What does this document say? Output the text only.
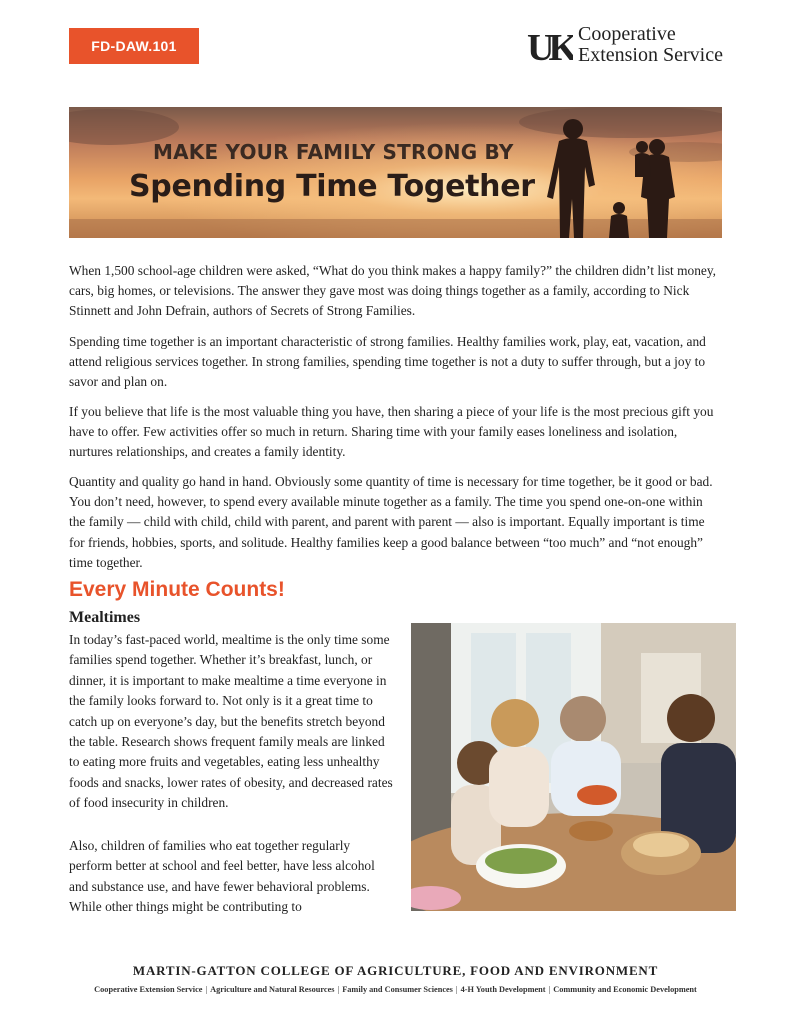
FD-DAW.101	UK Cooperative
Extension Service
MAKE YOUR FAMILY STRONG BY
Spending Time Together

When 1,500 school-age children were asked, “What do you think makes a happy family?” the children didn’t list money, cars, big homes, or televisions. The answer they gave most was doing things together as a family, according to Nick Stinnett and John Defrain, authors of Secrets of Strong Families.

Spending time together is an important characteristic of strong families. Healthy families work, play, eat, vacation, and attend religious services together. In strong families, spending time together is not a duty to suffer through, but a joy to savor and plan on.

If you believe that life is the most valuable thing you have, then sharing a piece of your life is the most precious gift you have to offer. Few activities offer so much in return. Sharing time with your family eases loneliness and isolation, nurtures relationships, and creates a family identity.

Quantity and quality go hand in hand. Obviously some quantity of time is necessary for time together, be it good or bad. You don’t need, however, to spend every available minute together as a family. The time you spend one-on-one within the family — child with child, child with parent, and parent with parent — also is important. Equally important is time for friends, hobbies, sports, and solitude. Healthy families keep a good balance between “too much” and “not enough” time together.

Every Minute Counts!
Mealtimes

In today’s fast-paced world, mealtime is the only time some families spend together. Whether it’s breakfast, lunch, or dinner, it is important to make mealtime a time everyone in the family looks forward to. Not only is it a great time to catch up on everyone’s day, but the benefits stretch beyond the table. Research shows frequent family meals are linked to eating more fruits and vegetables, eating less unhealthy foods and snacks, lower rates of obesity, and decreased rates of food insecurity in children.

Also, children of families who eat together regularly perform better at school and feel better, have less alcohol and substance use, and have fewer behavioral problems. While other things might be contributing to

MARTIN-GATTON COLLEGE OF AGRICULTURE, FOOD AND ENVIRONMENT
Cooperative Extension Service | Agriculture and Natural Resources | Family and Consumer Sciences | 4-H Youth Development | Community and Economic Development
